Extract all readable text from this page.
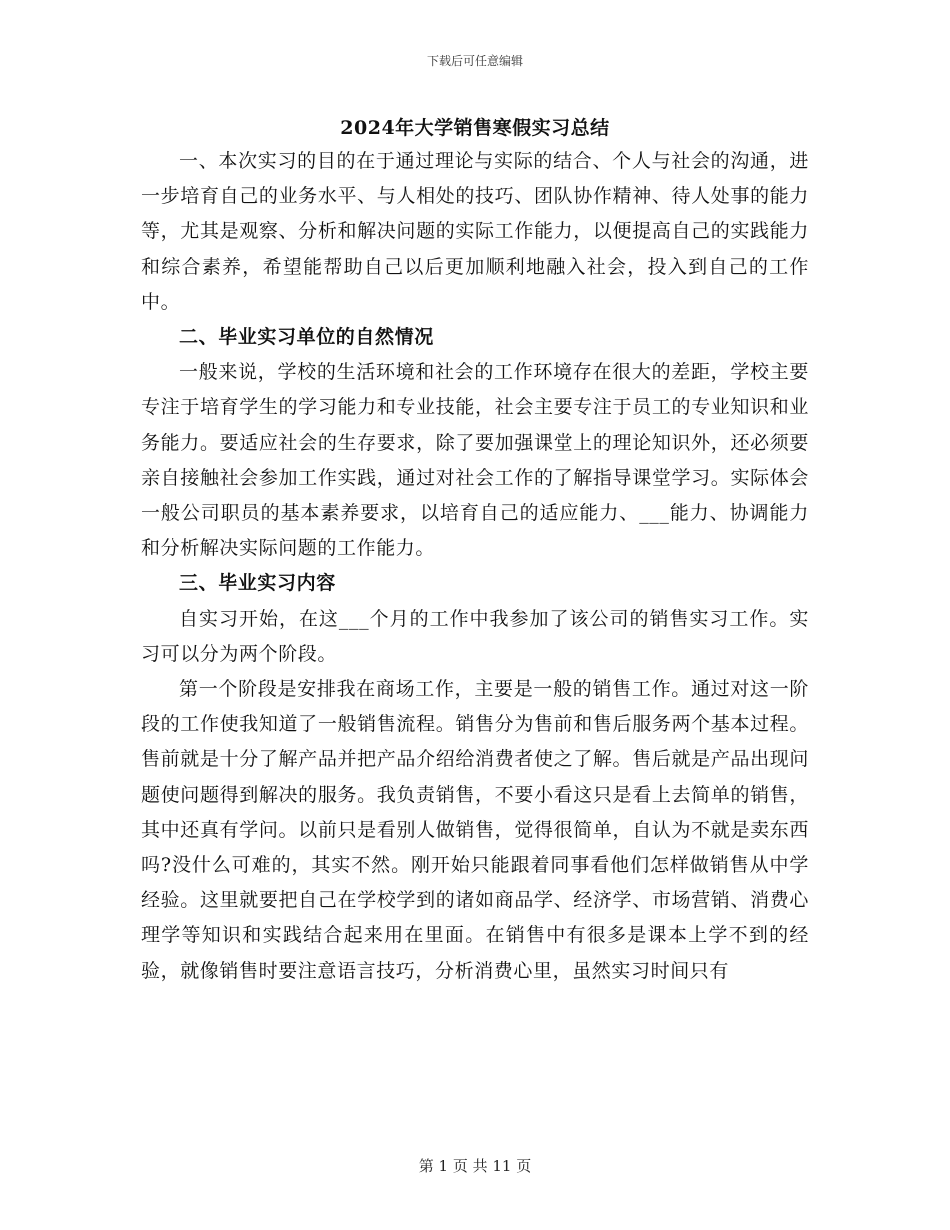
下载后可任意编辑
2024年大学销售寒假实习总结

一、本次实习的目的在于通过理论与实际的结合、个人与社会的沟通，进一步培育自己的业务水平、与人相处的技巧、团队协作精神、待人处事的能力等，尤其是观察、分析和解决问题的实际工作能力，以便提高自己的实践能力和综合素养，希望能帮助自己以后更加顺利地融入社会，投入到自己的工作中。

二、毕业实习单位的自然情况

一般来说，学校的生活环境和社会的工作环境存在很大的差距，学校主要专注于培育学生的学习能力和专业技能，社会主要专注于员工的专业知识和业务能力。要适应社会的生存要求，除了要加强课堂上的理论知识外，还必须要亲自接触社会参加工作实践，通过对社会工作的了解指导课堂学习。实际体会一般公司职员的基本素养要求，以培育自己的适应能力、___能力、协调能力和分析解决实际问题的工作能力。

三、毕业实习内容

自实习开始，在这___个月的工作中我参加了该公司的销售实习工作。实习可以分为两个阶段。

第一个阶段是安排我在商场工作，主要是一般的销售工作。通过对这一阶段的工作使我知道了一般销售流程。销售分为售前和售后服务两个基本过程。售前就是十分了解产品并把产品介绍给消费者使之了解。售后就是产品出现问题使问题得到解决的服务。我负责销售，不要小看这只是看上去简单的销售，其中还真有学问。以前只是看别人做销售，觉得很简单，自认为不就是卖东西吗?没什么可难的，其实不然。刚开始只能跟着同事看他们怎样做销售从中学经验。这里就要把自己在学校学到的诸如商品学、经济学、市场营销、消费心理学等知识和实践结合起来用在里面。在销售中有很多是课本上学不到的经验，就像销售时要注意语言技巧，分析消费心里，虽然实习时间只有

第 1 页 共 11 页
